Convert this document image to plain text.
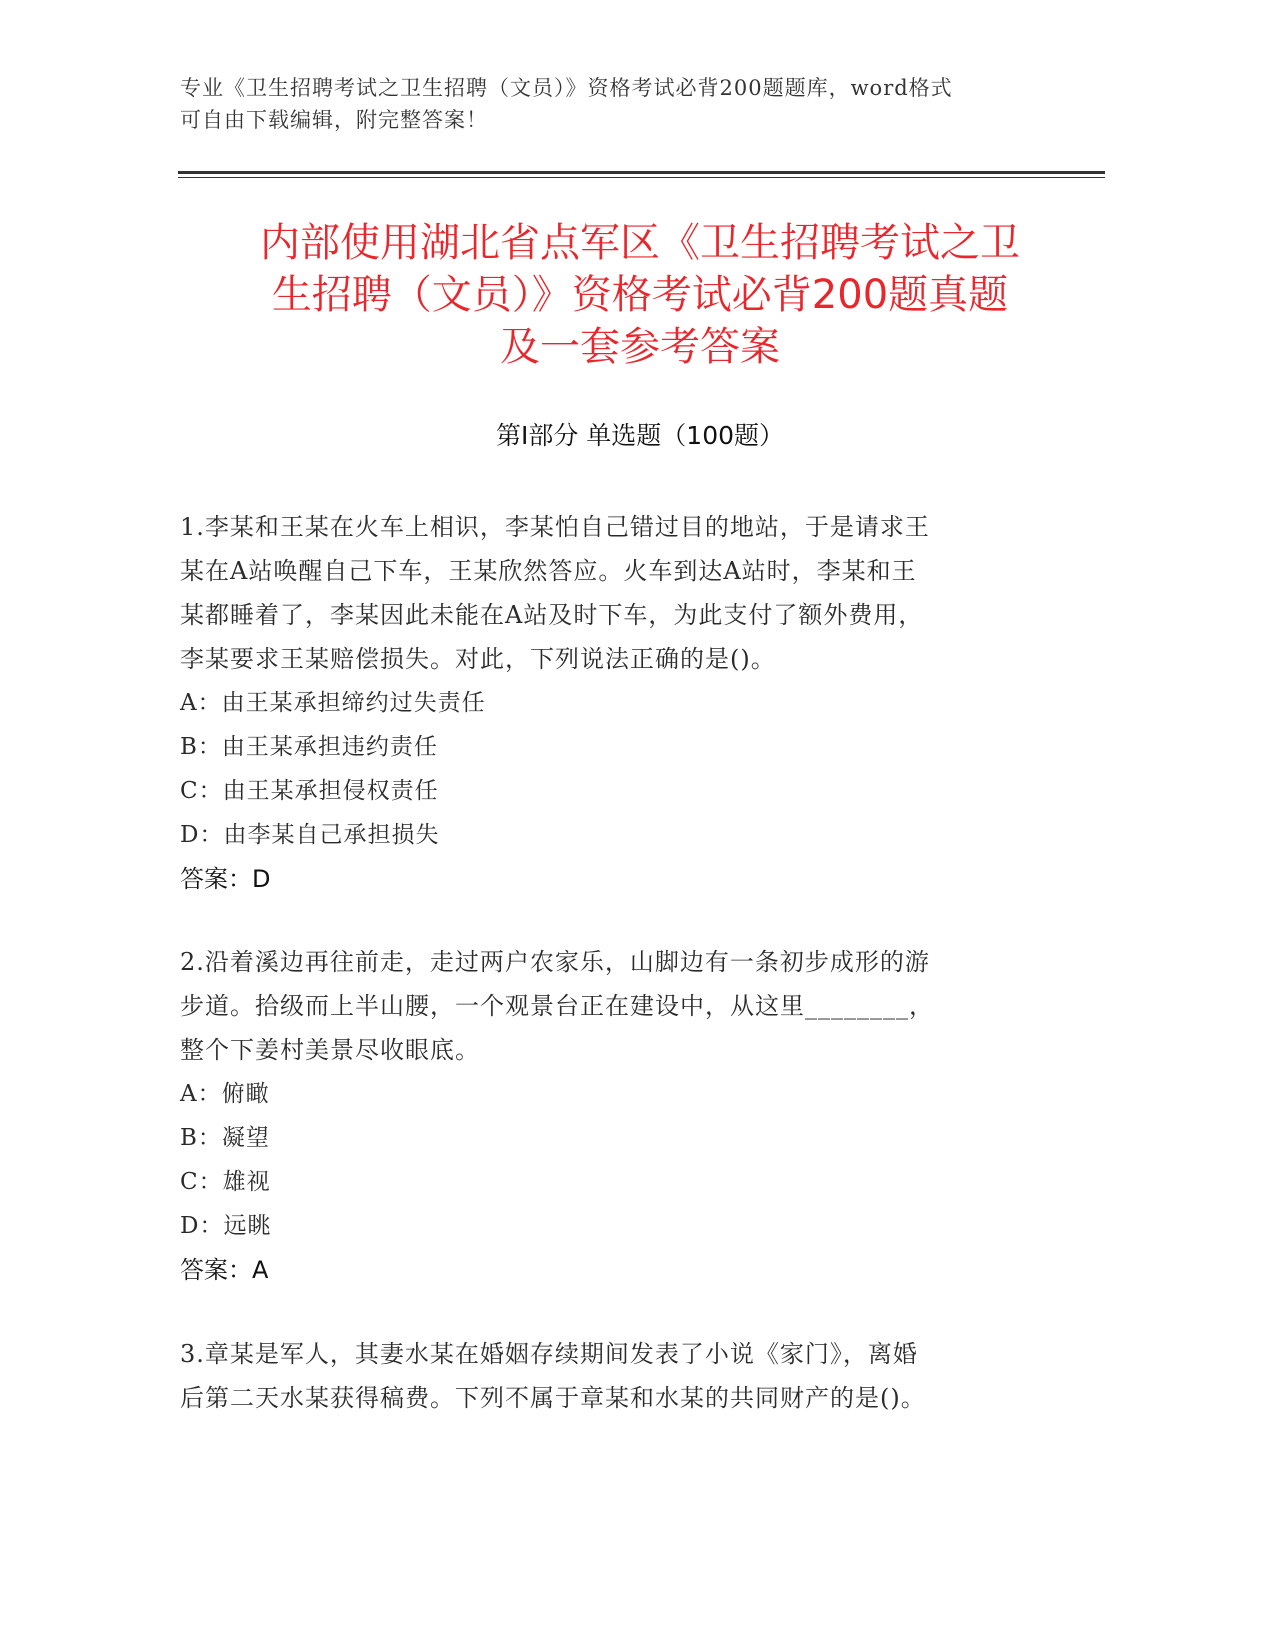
专业《卫生招聘考试之卫生招聘（文员）》资格考试必背200题题库，word格式
可自由下载编辑，附完整答案！
内部使用湖北省点军区《卫生招聘考试之卫
生招聘（文员）》资格考试必背200题真题
及一套参考答案
第Ⅰ部分 单选题（100题）
1.李某和王某在火车上相识，李某怕自己错过目的地站，于是请求王
某在A站唤醒自己下车，王某欣然答应。火车到达A站时，李某和王
某都睡着了，李某因此未能在A站及时下车，为此支付了额外费用，
李某要求王某赔偿损失。对此，下列说法正确的是()。
A：由王某承担缔约过失责任
B：由王某承担违约责任
C：由王某承担侵权责任
D：由李某自己承担损失
答案：D
2.沿着溪边再往前走，走过两户农家乐，山脚边有一条初步成形的游
步道。拾级而上半山腰，一个观景台正在建设中，从这里________，
整个下姜村美景尽收眼底。
A：俯瞰
B：凝望
C：雄视
D：远眺
答案：A
3.章某是军人，其妻水某在婚姻存续期间发表了小说《家门》，离婚
后第二天水某获得稿费。下列不属于章某和水某的共同财产的是()。
